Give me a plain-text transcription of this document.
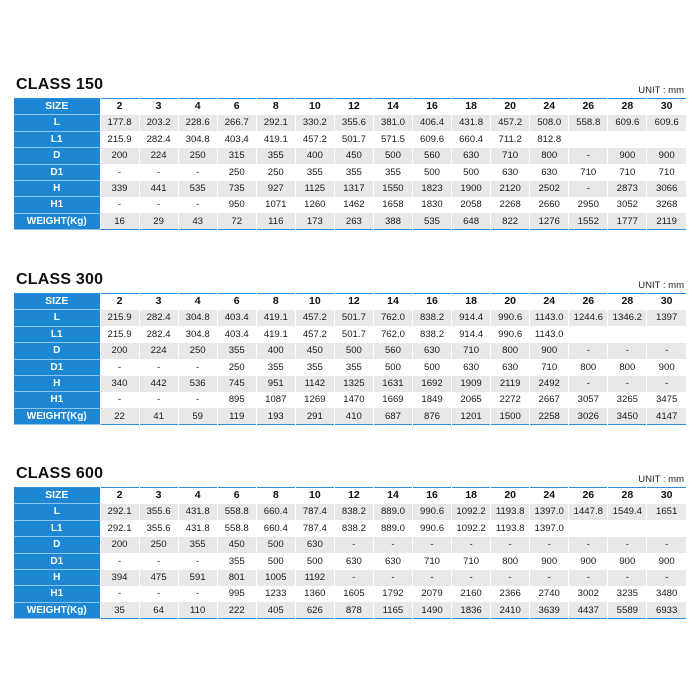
CLASS 150	UNIT : mm
SIZE	2	3	4	6	8	10	12	14	16	18	20	24	26	28	30
L	177.8	203.2	228.6	266.7	292.1	330.2	355.6	381.0	406.4	431.8	457.2	508.0	558.8	609.6	609.6
L1	215.9	282.4	304.8	403.4	419.1	457.2	501.7	571.5	609.6	660.4	711.2	812.8			
D	200	224	250	315	355	400	450	500	560	630	710	800	-	900	900
D1	-	-	-	250	250	355	355	355	500	500	630	630	710	710	710
H	339	441	535	735	927	1125	1317	1550	1823	1900	2120	2502	-	2873	3066
H1	-	-	-	950	1071	1260	1462	1658	1830	2058	2268	2660	2950	3052	3268
WEIGHT(Kg)	16	29	43	72	116	173	263	388	535	648	822	1276	1552	1777	2119
CLASS 300	UNIT : mm
SIZE	2	3	4	6	8	10	12	14	16	18	20	24	26	28	30
L	215.9	282.4	304.8	403.4	419.1	457.2	501.7	762.0	838.2	914.4	990.6	1143.0	1244.6	1346.2	1397
L1	215.9	282.4	304.8	403.4	419.1	457.2	501.7	762.0	838.2	914.4	990.6	1143.0			
D	200	224	250	355	400	450	500	560	630	710	800	900	-	-	-
D1	-	-	-	250	355	355	355	500	500	630	630	710	800	800	900
H	340	442	536	745	951	1142	1325	1631	1692	1909	2119	2492	-	-	-
H1	-	-	-	895	1087	1269	1470	1669	1849	2065	2272	2667	3057	3265	3475
WEIGHT(Kg)	22	41	59	119	193	291	410	687	876	1201	1500	2258	3026	3450	4147
CLASS 600	UNIT : mm
SIZE	2	3	4	6	8	10	12	14	16	18	20	24	26	28	30
L	292.1	355.6	431.8	558.8	660.4	787.4	838.2	889.0	990.6	1092.2	1193.8	1397.0	1447.8	1549.4	1651
L1	292.1	355.6	431.8	558.8	660.4	787.4	838.2	889.0	990.6	1092.2	1193.8	1397.0			
D	200	250	355	450	500	630	-	-	-	-	-	-	-	-	-
D1	-	-	-	355	500	500	630	630	710	710	800	900	900	900	900
H	394	475	591	801	1005	1192	-	-	-	-	-	-	-	-	-
H1	-	-	-	995	1233	1360	1605	1792	2079	2160	2366	2740	3002	3235	3480
WEIGHT(Kg)	35	64	110	222	405	626	878	1165	1490	1836	2410	3639	4437	5589	6933
